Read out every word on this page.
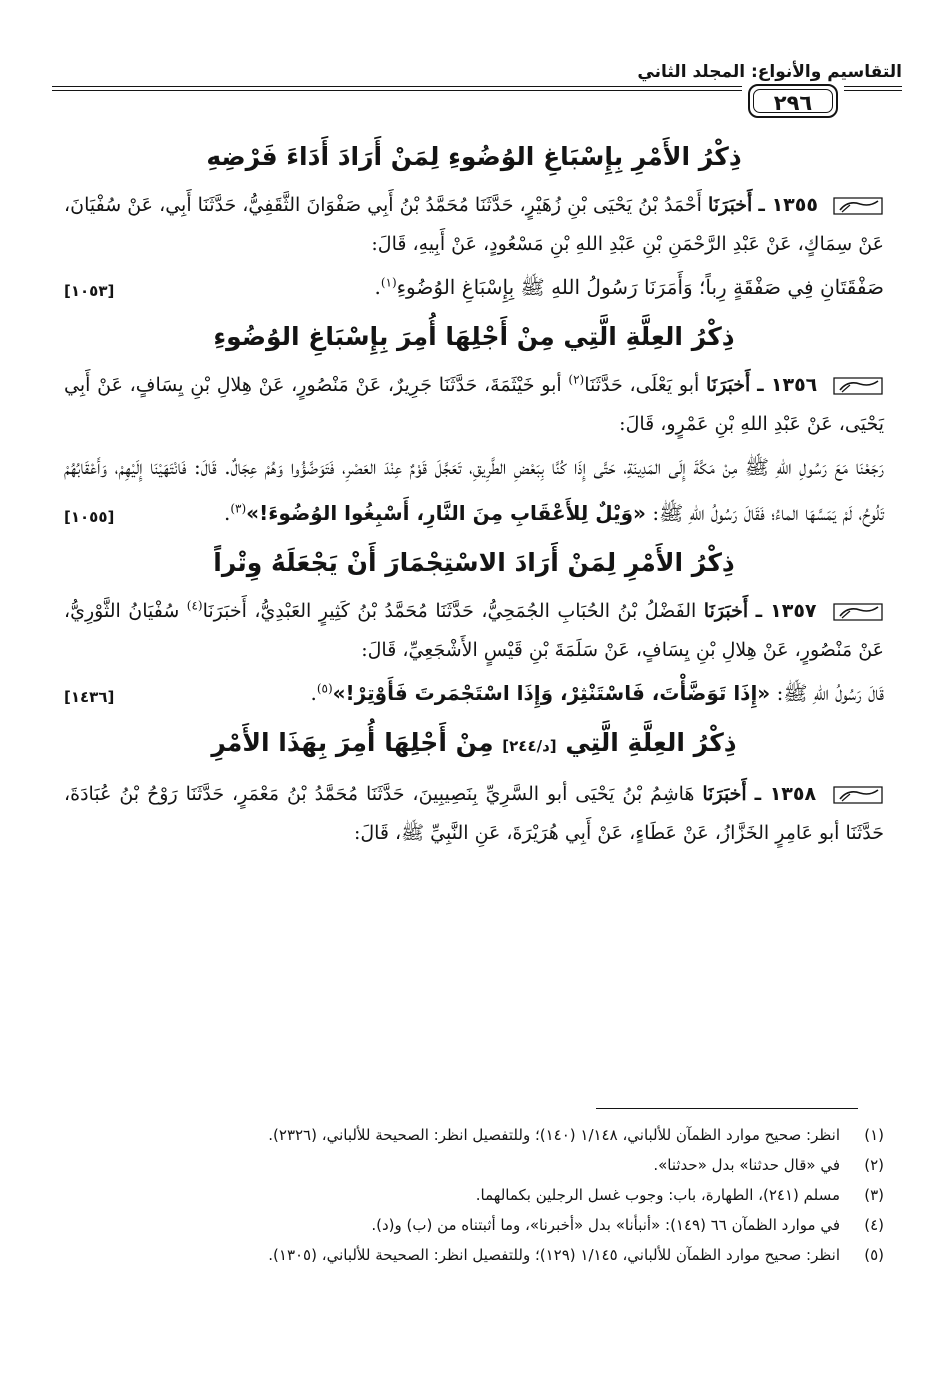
التقاسيم والأنواع: المجلد الثاني
٢٩٦
ذِكْرُ الأَمْرِ بِإِسْبَاغِ الوُضُوءِ لِمَنْ أَرَادَ أَدَاءَ فَرْضِهِ

١٣٥٥ ـ أَخبَرَنَا أَحْمَدُ بْنُ يَحْيَى بْنِ زُهَيْرٍ، حَدَّثَنَا مُحَمَّدُ بْنُ أَبِي صَفْوَانَ الثَّقَفِيُّ، حَدَّثَنَا أَبِي، عَنْ سُفْيَانَ، عَنْ سِمَاكٍ، عَنْ عَبْدِ الرَّحْمَنِ بْنِ عَبْدِ اللهِ بْنِ مَسْعُودٍ، عَنْ أَبِيهِ، قَالَ:

[١٠٥٣]	صَفْقَتَانِ فِي صَفْقَةٍ رِباً؛ وَأَمَرَنَا رَسُولُ اللهِ ﷺ بِإِسْبَاغِ الوُضُوءِ$^{(١)}$.

ذِكْرُ العِلَّةِ الَّتِي مِنْ أَجْلِهَا أُمِرَ بِإِسْبَاغِ الوُضُوءِ

١٣٥٦ ـ أَخبَرَنَا أبو يَعْلَى، حَدَّثَنَا$^{(٢)}$ أبو خَيْثَمَةَ، حَدَّثَنَا جَرِيرٌ، عَنْ مَنْصُورٍ، عَنْ هِلالِ بْنِ يِسَافٍ، عَنْ أَبِي يَحْيَى، عَنْ عَبْدِ اللهِ بْنِ عَمْرٍو، قَالَ:

رَجَعْنَا مَعَ رَسُولِ اللهِ ﷺ مِنْ مَكَّةَ إِلَى المَدِينَةِ، حَتَّى إِذَا كُنَّا بِبَعْضِ الطَّرِيقِ، تَعَجَّلَ قَوْمٌ عِنْدَ العَصْرِ، فَتَوَضَّؤُوا وَهُمْ عِجَالٌ. قَالَ: فَانْتَهَيْنَا إِلَيْهِمْ، وَأَعْقَابُهُمْ تَلُوحُ، لَمْ يَمَسَّهَا الماءُ؛ فَقَالَ رَسُولُ اللهِ ﷺ: «وَيْلٌ لِلأَعْقَابِ مِنَ النَّارِ، أَسْبِغُوا الوُضُوءَ!»$^{(٣)}$.
[١٠٥٥]

ذِكْرُ الأَمْرِ لِمَنْ أَرَادَ الاسْتِجْمَارَ أَنْ يَجْعَلَهُ وِتْراً

١٣٥٧ ـ أَخبَرَنَا الفَضْلُ بْنُ الحُبَابِ الجُمَحِيُّ، حَدَّثَنَا مُحَمَّدُ بْنُ كَثِيرٍ العَبْدِيُّ، أَخبَرَنَا$^{(٤)}$ سُفْيَانُ الثَّوْرِيُّ، عَنْ مَنْصُورٍ، عَنْ هِلالِ بْنِ يِسَافٍ، عَنْ سَلَمَةَ بْنِ قَيْسٍ الأَشْجَعِيِّ، قَالَ:

[١٤٣٦]	قَالَ رَسُولُ اللهِ ﷺ: «إِذَا تَوَضَّأْتَ، فَاسْتَنْثِرْ، وَإِذَا اسْتَجْمَرتَ فَأَوْتِرْ!»$^{(٥)}$.

ذِكْرُ العِلَّةِ الَّتِي [د/٢٤٤] مِنْ أَجْلِهَا أُمِرَ بِهَذَا الأَمْرِ

١٣٥٨ ـ أَخبَرَنَا هَاشِمُ بْنُ يَحْيَى أبو السَّرِيِّ بِنَصِيبِينَ، حَدَّثَنَا مُحَمَّدُ بْنُ مَعْمَرٍ، حَدَّثَنَا رَوْحُ بْنُ عُبَادَةَ، حَدَّثَنَا أبو عَامِرٍ الخَزَّازُ، عَنْ عَطَاءٍ، عَنْ أَبِي هُرَيْرَةَ، عَنِ النَّبِيِّ ﷺ، قَالَ:

(١)
انظر: صحيح موارد الظمآن للألباني، ١/١٤٨ (١٤٠)؛ وللتفصيل انظر: الصحيحة للألباني، (٢٣٢٦).

(٢)
في «قال حدثنا» بدل «حدثنا».

(٣)
مسلم (٢٤١)، الطهارة، باب: وجوب غسل الرجلين بكمالهما.

(٤)
في موارد الظمآن ٦٦ (١٤٩): «أنبأنا» بدل «أخبرنا»، وما أثبتناه من (ب) و(د).

(٥)
انظر: صحيح موارد الظمآن للألباني، ١/١٤٥ (١٢٩)؛ وللتفصيل انظر: الصحيحة للألباني، (١٣٠٥).
